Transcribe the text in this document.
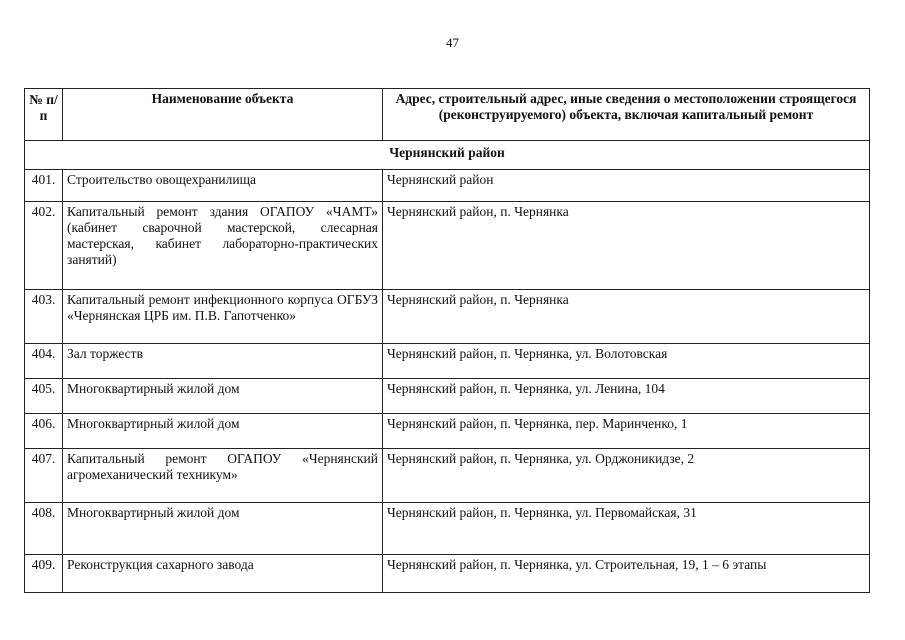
47
№ п/п	Наименование объекта	Адрес, строительный адрес, иные сведения о местоположении строящегося (реконструируемого) объекта, включая капитальный ремонт
Чернянский район		
401.	Строительство овощехранилища	Чернянский район
402.	Капитальный ремонт здания ОГАПОУ «ЧАМТ» (кабинет сварочной мастерской, слесарная мастерская, кабинет лабораторно-практических занятий)	Чернянский район, п. Чернянка
403.	Капитальный ремонт инфекционного корпуса ОГБУЗ «Чернянская ЦРБ им. П.В. Гапотченко»	Чернянский район, п. Чернянка
404.	Зал торжеств	Чернянский район, п. Чернянка, ул. Волотовская
405.	Многоквартирный жилой дом	Чернянский район, п. Чернянка, ул. Ленина, 104
406.	Многоквартирный жилой дом	Чернянский район, п. Чернянка, пер. Маринченко, 1
407.	Капитальный ремонт ОГАПОУ «Чернянский агромеханический техникум»	Чернянский район, п. Чернянка, ул. Орджоникидзе, 2
408.	Многоквартирный жилой дом	Чернянский район, п. Чернянка, ул. Первомайская, 31
409.	Реконструкция сахарного завода	Чернянский район, п. Чернянка, ул. Строительная, 19, 1 – 6 этапы
